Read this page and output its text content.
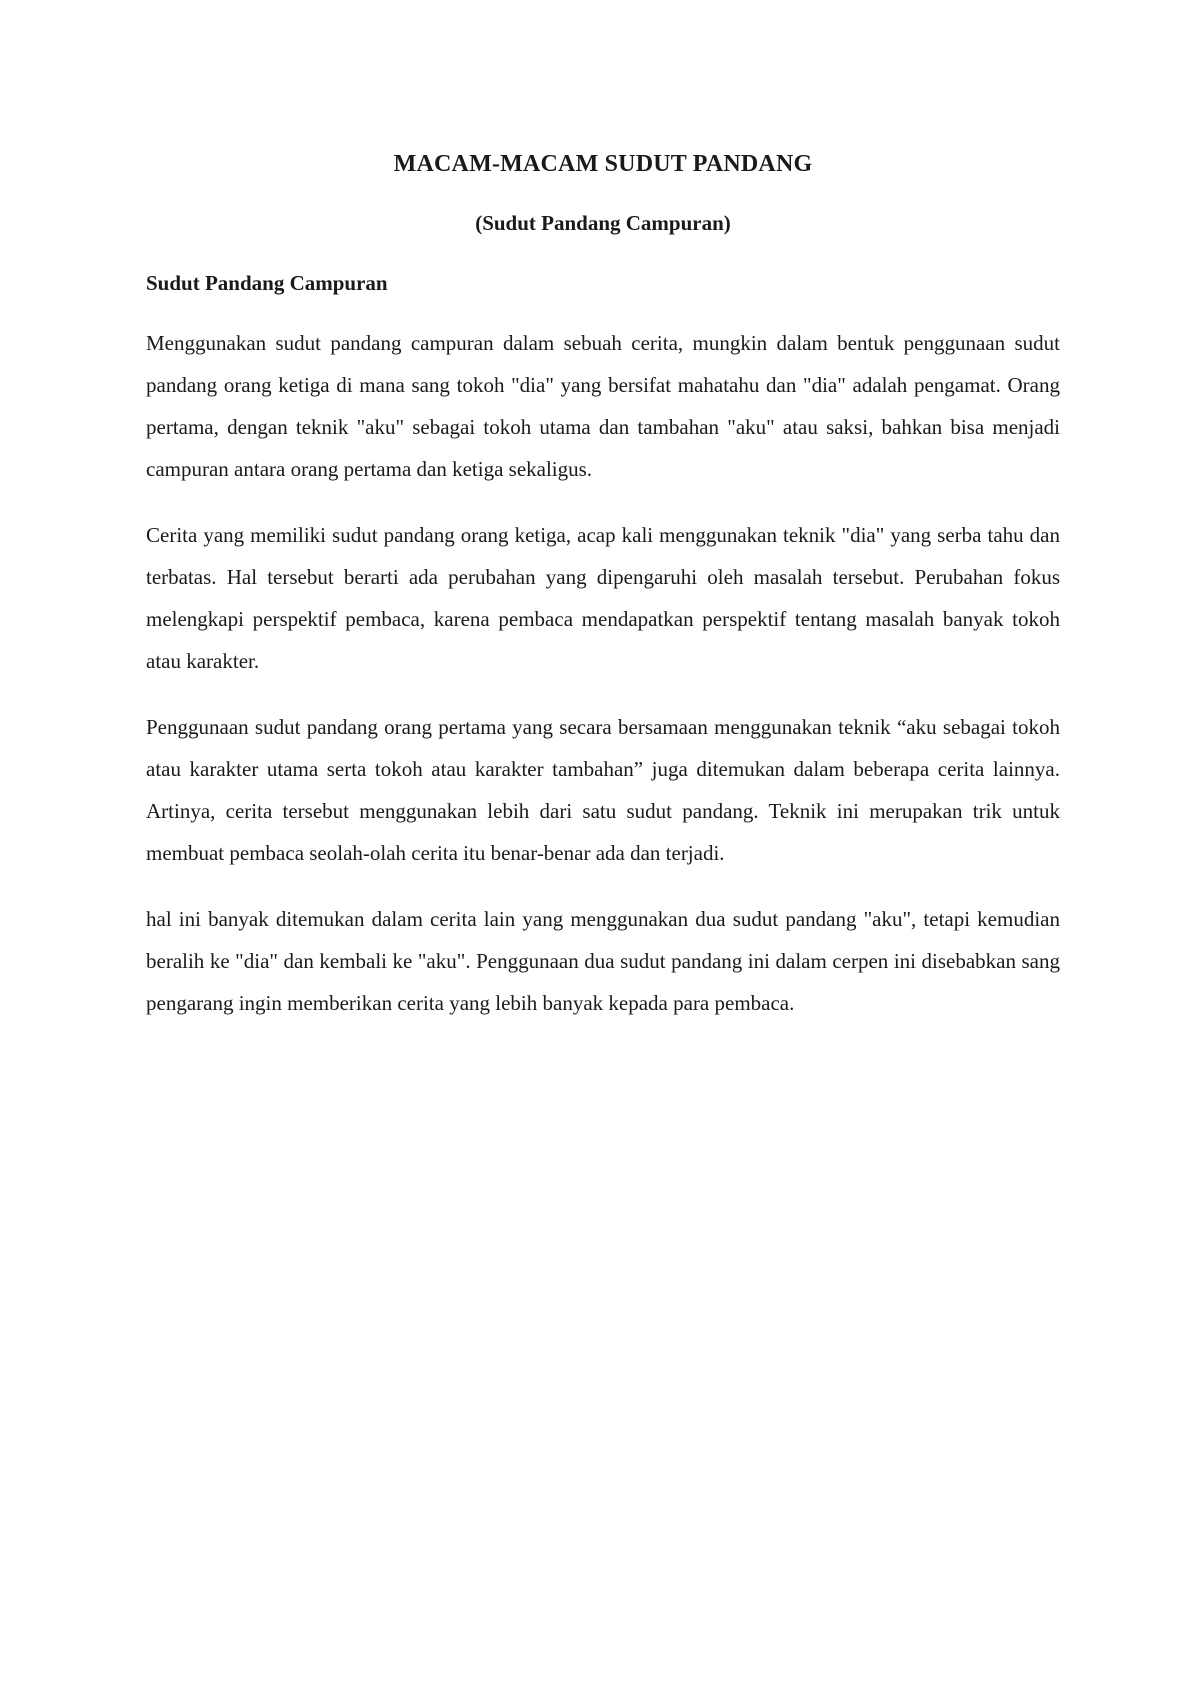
MACAM-MACAM SUDUT PANDANG

(Sudut Pandang Campuran)

Sudut Pandang Campuran

Menggunakan sudut pandang campuran dalam sebuah cerita, mungkin dalam bentuk penggunaan sudut pandang orang ketiga di mana sang tokoh "dia" yang bersifat mahatahu dan "dia" adalah pengamat. Orang pertama, dengan teknik "aku" sebagai tokoh utama dan tambahan "aku" atau saksi, bahkan bisa menjadi campuran antara orang pertama dan ketiga sekaligus.

Cerita yang memiliki sudut pandang orang ketiga, acap kali menggunakan teknik "dia" yang serba tahu dan terbatas. Hal tersebut berarti ada perubahan yang dipengaruhi oleh masalah tersebut. Perubahan fokus melengkapi perspektif pembaca, karena pembaca mendapatkan perspektif tentang masalah banyak tokoh atau karakter.

Penggunaan sudut pandang orang pertama yang secara bersamaan menggunakan teknik “aku sebagai tokoh atau karakter utama serta tokoh atau karakter tambahan” juga ditemukan dalam beberapa cerita lainnya. Artinya, cerita tersebut menggunakan lebih dari satu sudut pandang. Teknik ini merupakan trik untuk membuat pembaca seolah-olah cerita itu benar-benar ada dan terjadi.

hal ini banyak ditemukan dalam cerita lain yang menggunakan dua sudut pandang "aku", tetapi kemudian beralih ke "dia" dan kembali ke "aku". Penggunaan dua sudut pandang ini dalam cerpen ini disebabkan sang pengarang ingin memberikan cerita yang lebih banyak kepada para pembaca.
